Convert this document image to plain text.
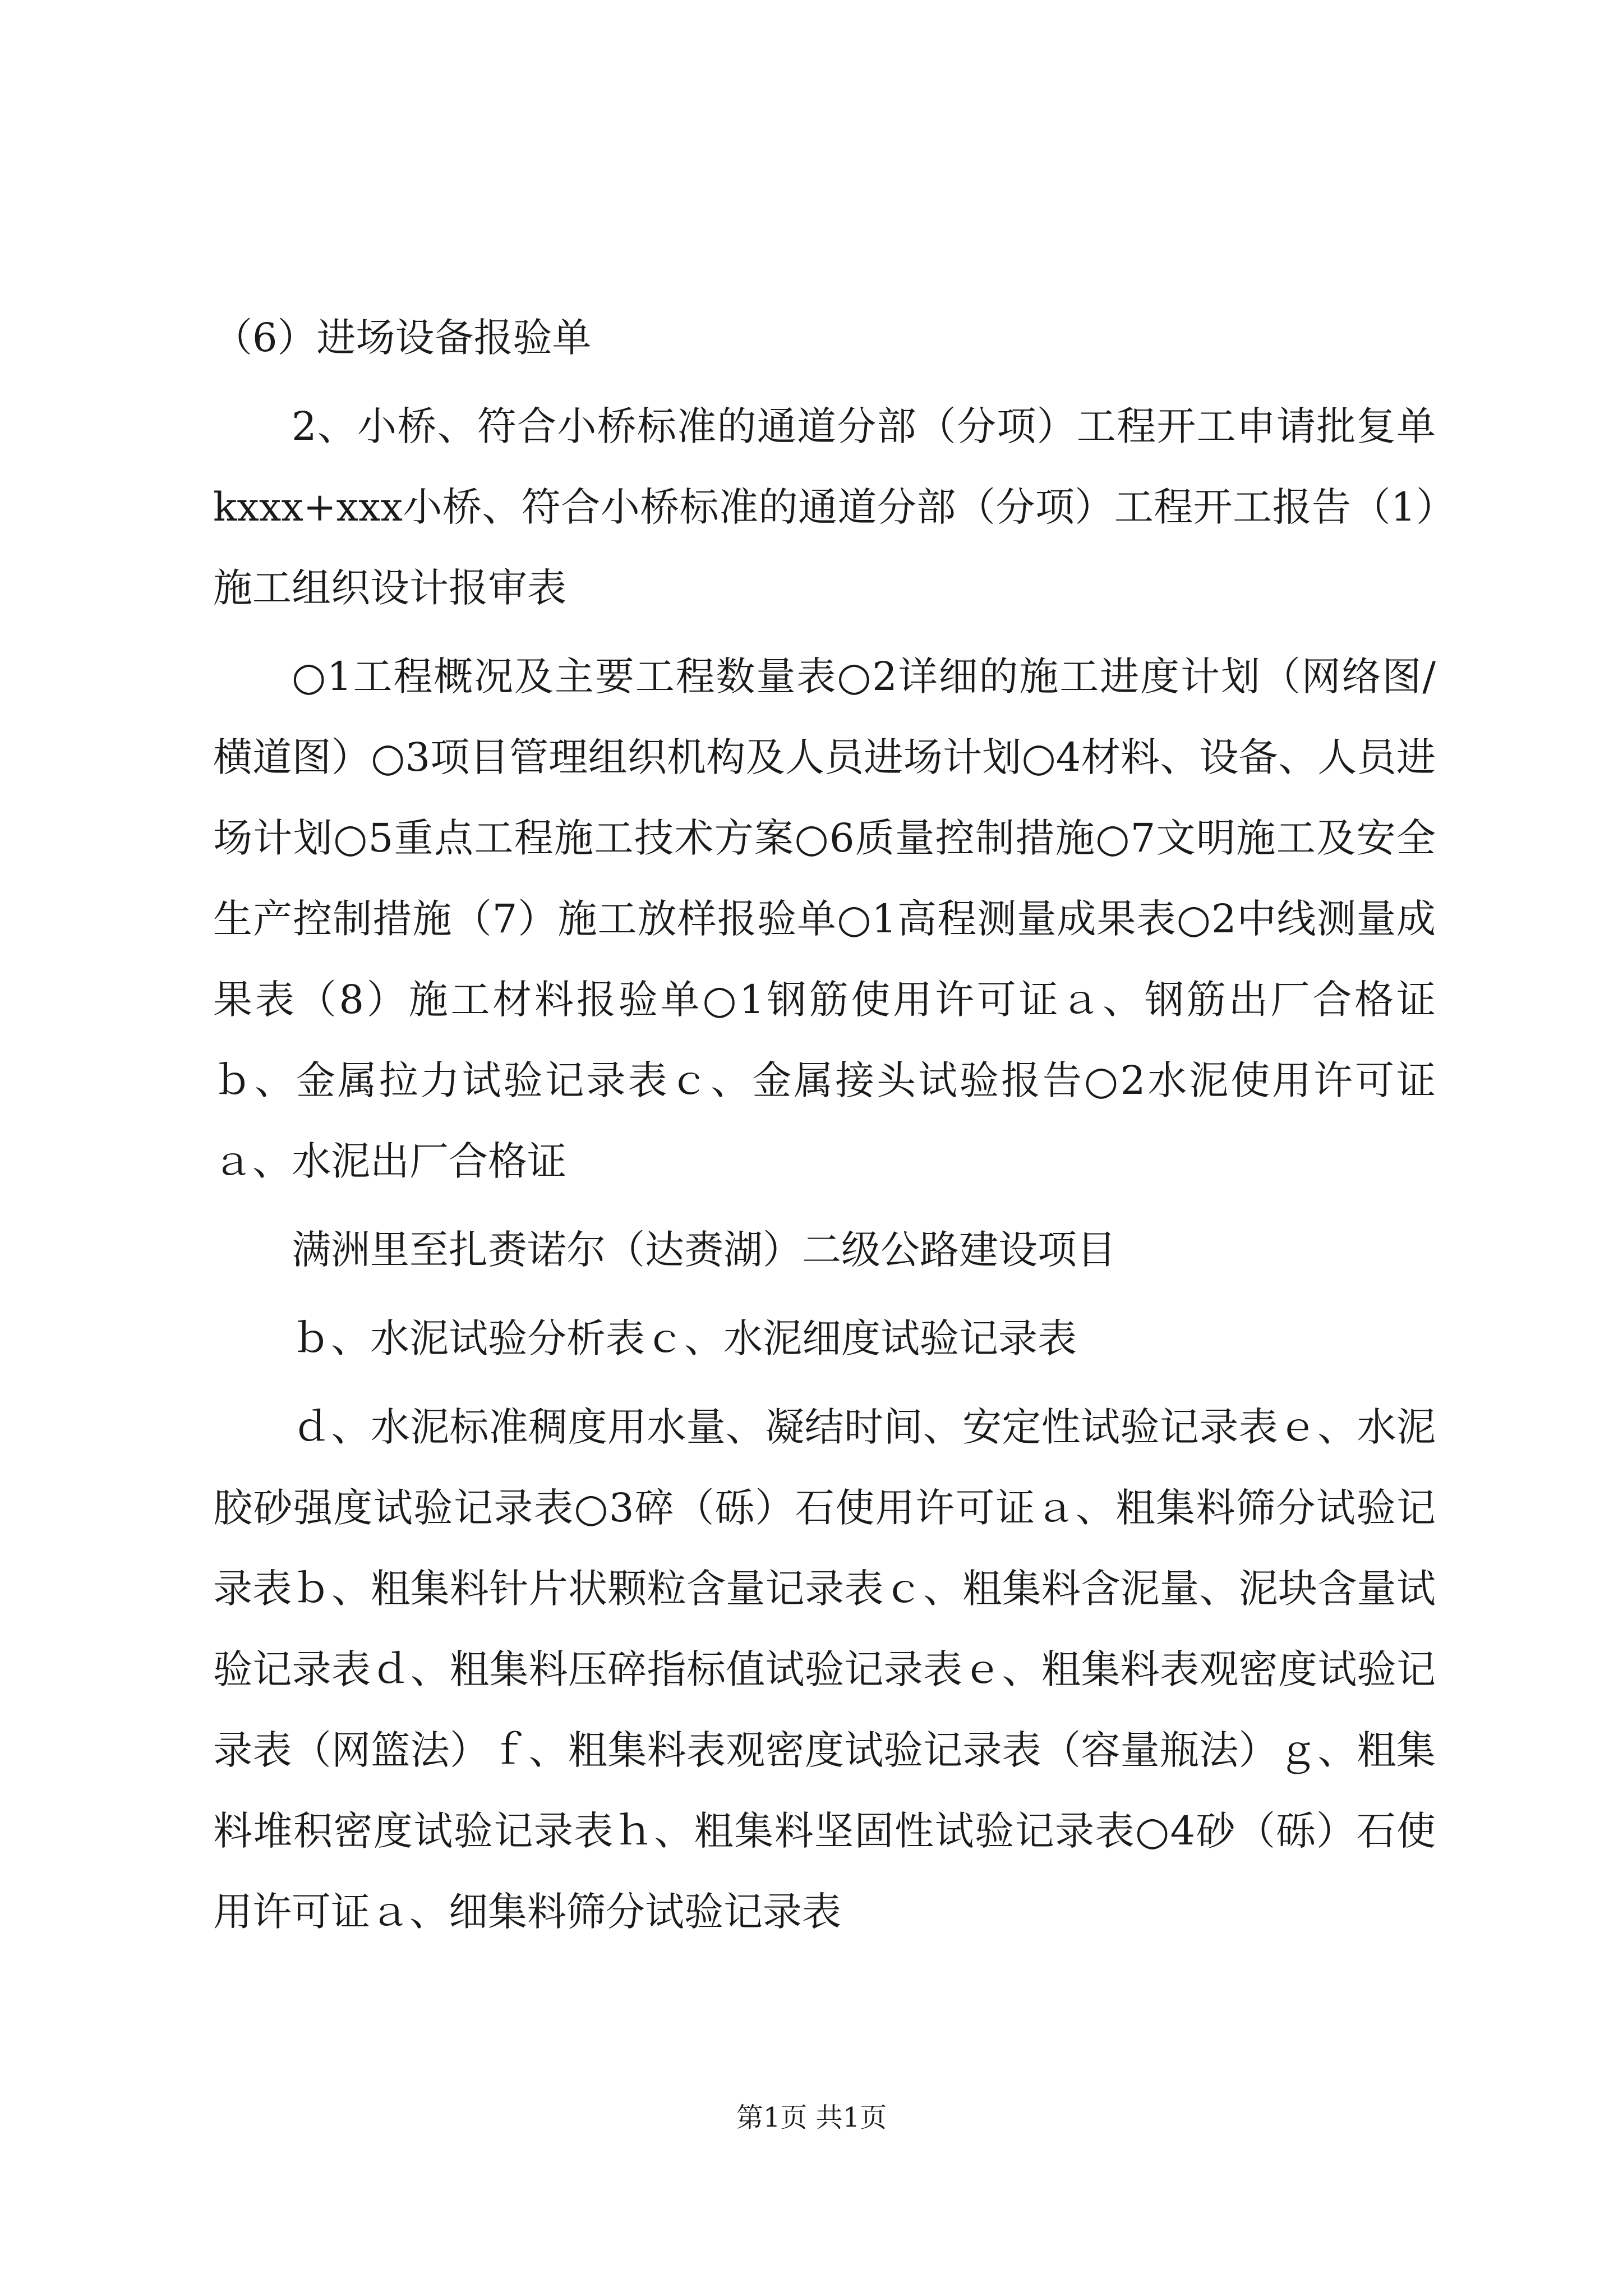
（6）进场设备报验单

2、小桥、符合小桥标准的通道分部（分项）工程开工申请批复单kxxx+xxx小桥、符合小桥标准的通道分部（分项）工程开工报告（1）施工组织设计报审表

○1工程概况及主要工程数量表○2详细的施工进度计划（网络图/横道图）○3项目管理组织机构及人员进场计划○4材料、设备、人员进场计划○5重点工程施工技术方案○6质量控制措施○7文明施工及安全生产控制措施（7）施工放样报验单○1高程测量成果表○2中线测量成果表（8）施工材料报验单○1钢筋使用许可证ａ、钢筋出厂合格证ｂ、金属拉力试验记录表ｃ、金属接头试验报告○2水泥使用许可证ａ、水泥出厂合格证

满洲里至扎赉诺尔（达赉湖）二级公路建设项目

ｂ、水泥试验分析表ｃ、水泥细度试验记录表

ｄ、水泥标准稠度用水量、凝结时间、安定性试验记录表ｅ、水泥胶砂强度试验记录表○3碎（砾）石使用许可证ａ、粗集料筛分试验记录表ｂ、粗集料针片状颗粒含量记录表ｃ、粗集料含泥量、泥块含量试验记录表ｄ、粗集料压碎指标值试验记录表ｅ、粗集料表观密度试验记录表（网篮法）ｆ、粗集料表观密度试验记录表（容量瓶法）ｇ、粗集料堆积密度试验记录表ｈ、粗集料坚固性试验记录表○4砂（砾）石使用许可证ａ、细集料筛分试验记录表

第1页 共1页
